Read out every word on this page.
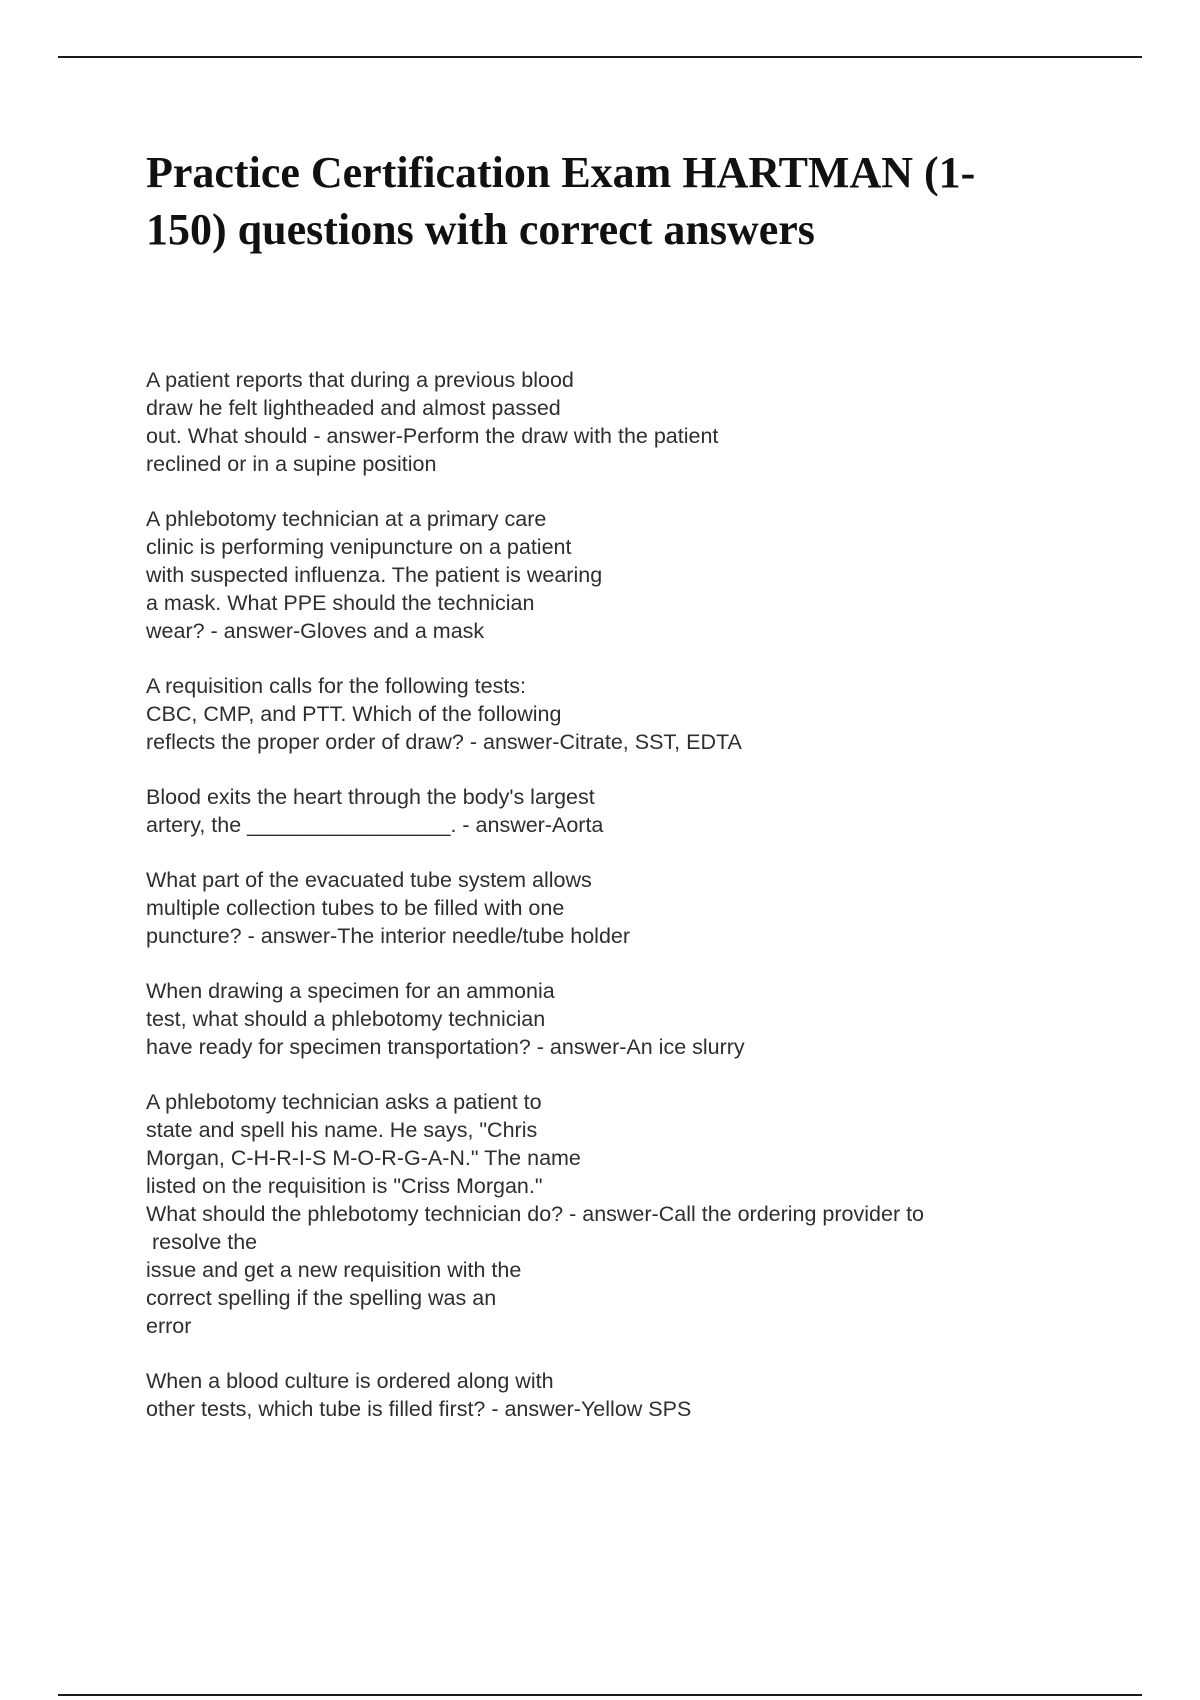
Practice Certification Exam HARTMAN (1-
150) questions with correct answers
A patient reports that during a previous blood
draw he felt lightheaded and almost passed
out. What should - answer-Perform the draw with the patient
reclined or in a supine position
A phlebotomy technician at a primary care
clinic is performing venipuncture on a patient
with suspected influenza. The patient is wearing
a mask. What PPE should the technician
wear? - answer-Gloves and a mask
A requisition calls for the following tests:
CBC, CMP, and PTT. Which of the following
reflects the proper order of draw? - answer-Citrate, SST, EDTA
Blood exits the heart through the body's largest
artery, the _________________. - answer-Aorta
What part of the evacuated tube system allows
multiple collection tubes to be filled with one
puncture? - answer-The interior needle/tube holder
When drawing a specimen for an ammonia
test, what should a phlebotomy technician
have ready for specimen transportation? - answer-An ice slurry
A phlebotomy technician asks a patient to
state and spell his name. He says, "Chris
Morgan, C-H-R-I-S M-O-R-G-A-N." The name
listed on the requisition is "Criss Morgan."
What should the phlebotomy technician do? - answer-Call the ordering provider to
resolve the
issue and get a new requisition with the
correct spelling if the spelling was an
error
When a blood culture is ordered along with
other tests, which tube is filled first? - answer-Yellow SPS
